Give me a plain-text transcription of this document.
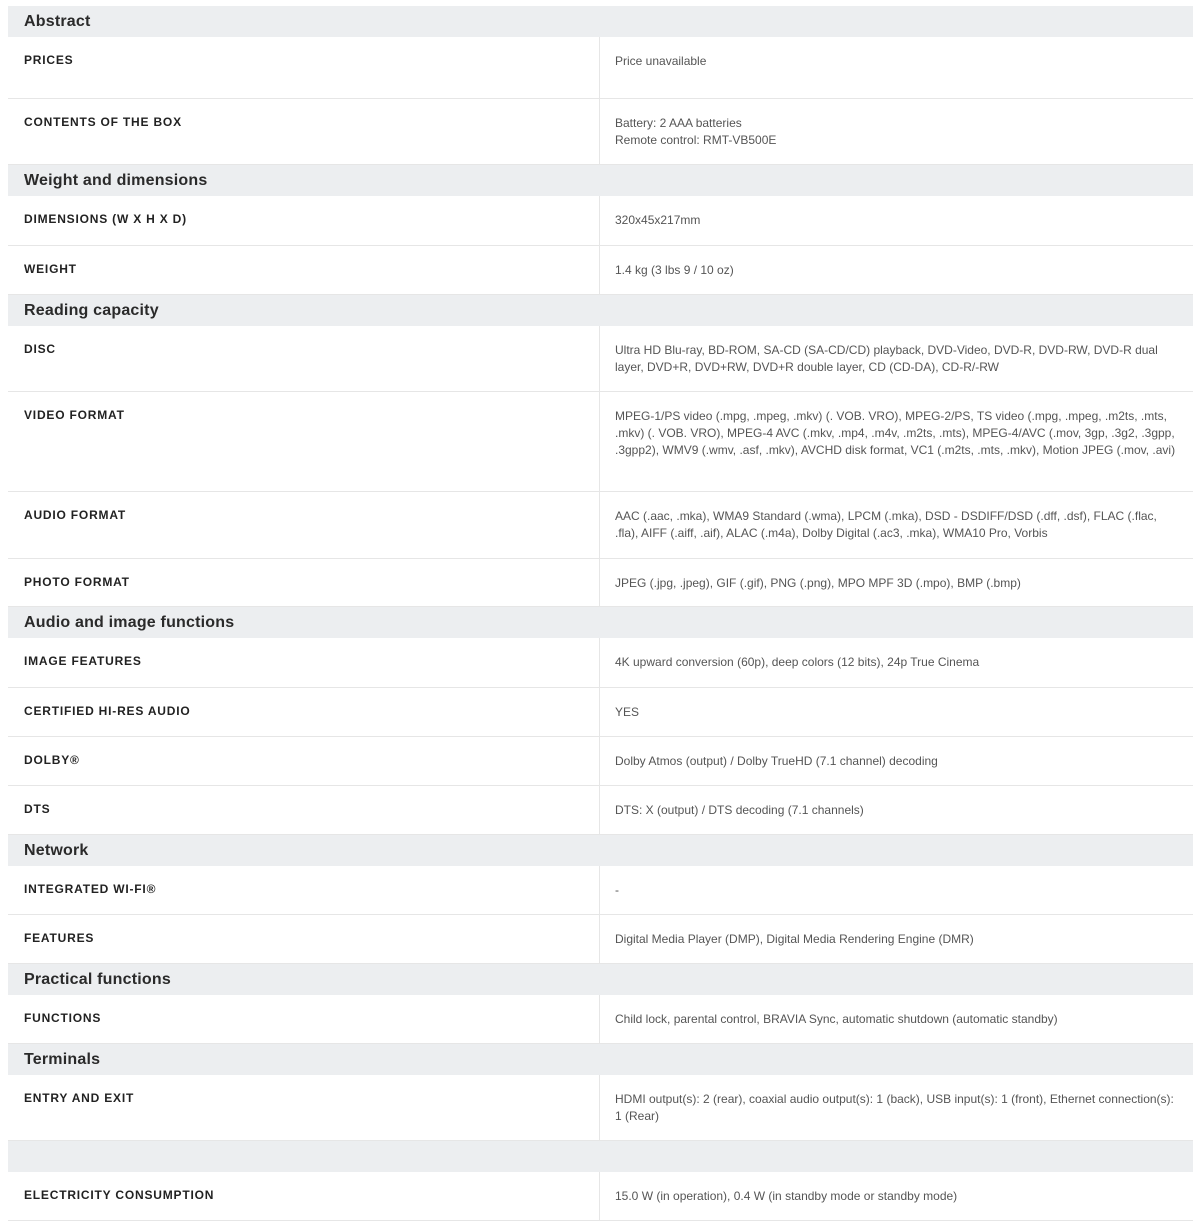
Abstract
PRICES	Price unavailable
CONTENTS OF THE BOX	Battery: 2 AAA batteries
Remote control: RMT-VB500E
Weight and dimensions
DIMENSIONS (W X H X D)	320x45x217mm
WEIGHT	1.4 kg (3 lbs 9 / 10 oz)
Reading capacity
DISC	Ultra HD Blu-ray, BD-ROM, SA-CD (SA-CD/CD) playback, DVD-Video, DVD-R, DVD-RW, DVD-R dual layer, DVD+R, DVD+RW, DVD+R double layer, CD (CD-DA), CD-R/-RW
VIDEO FORMAT	MPEG-1/PS video (.mpg, .mpeg, .mkv) (. VOB. VRO), MPEG-2/PS, TS video (.mpg, .mpeg, .m2ts, .mts, .mkv) (. VOB. VRO), MPEG-4 AVC (.mkv, .mp4, .m4v, .m2ts, .mts), MPEG-4/AVC (.mov, 3gp, .3g2, .3gpp, .3gpp2), WMV9 (.wmv, .asf, .mkv), AVCHD disk format, VC1 (.m2ts, .mts, .mkv), Motion JPEG (.mov, .avi)
AUDIO FORMAT	AAC (.aac, .mka), WMA9 Standard (.wma), LPCM (.mka), DSD - DSDIFF/DSD (.dff, .dsf), FLAC (.flac, .fla), AIFF (.aiff, .aif), ALAC (.m4a), Dolby Digital (.ac3, .mka), WMA10 Pro, Vorbis
PHOTO FORMAT	JPEG (.jpg, .jpeg), GIF (.gif), PNG (.png), MPO MPF 3D (.mpo), BMP (.bmp)
Audio and image functions
IMAGE FEATURES	4K upward conversion (60p), deep colors (12 bits), 24p True Cinema
CERTIFIED HI-RES AUDIO	YES
DOLBY®	Dolby Atmos (output) / Dolby TrueHD (7.1 channel) decoding
DTS	DTS: X (output) / DTS decoding (7.1 channels)
Network
INTEGRATED WI-FI®	-
FEATURES	Digital Media Player (DMP), Digital Media Rendering Engine (DMR)
Practical functions
FUNCTIONS	Child lock, parental control, BRAVIA Sync, automatic shutdown (automatic standby)
Terminals
ENTRY AND EXIT	HDMI output(s): 2 (rear), coaxial audio output(s): 1 (back), USB input(s): 1 (front), Ethernet connection(s): 1 (Rear)
ELECTRICITY CONSUMPTION	15.0 W (in operation), 0.4 W (in standby mode or standby mode)
